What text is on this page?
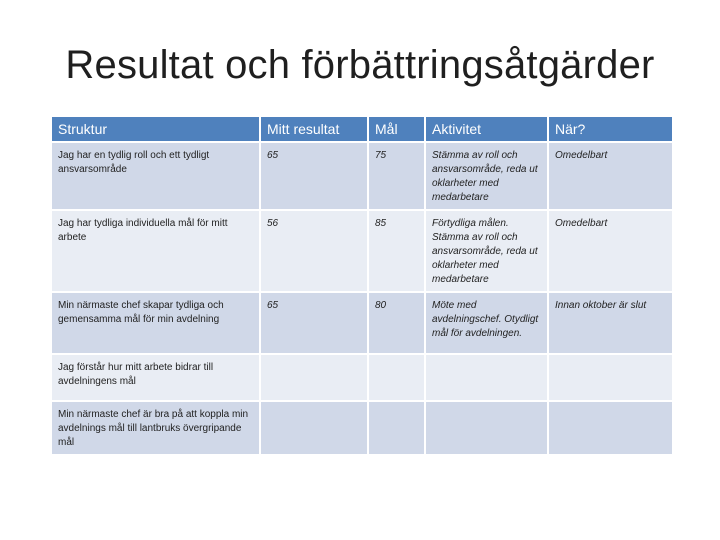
Resultat och förbättringsåtgärder
Struktur	Mitt resultat	Mål	Aktivitet	När?
Jag har en tydlig roll och ett tydligt ansvarsområde	65	75	Stämma av roll och ansvarsområde, reda ut oklarheter med medarbetare	Omedelbart
Jag har tydliga individuella mål för mitt arbete	56	85	Förtydliga målen. Stämma av roll och ansvarsområde, reda ut oklarheter med medarbetare	Omedelbart
Min närmaste chef skapar tydliga och gemensamma mål för min avdelning	65	80	Möte med avdelningschef. Otydligt mål för avdelningen.	Innan oktober är slut
Jag förstår hur mitt arbete bidrar till avdelningens mål				
Min närmaste chef är bra på att koppla min avdelnings mål till lantbruks övergripande mål				
